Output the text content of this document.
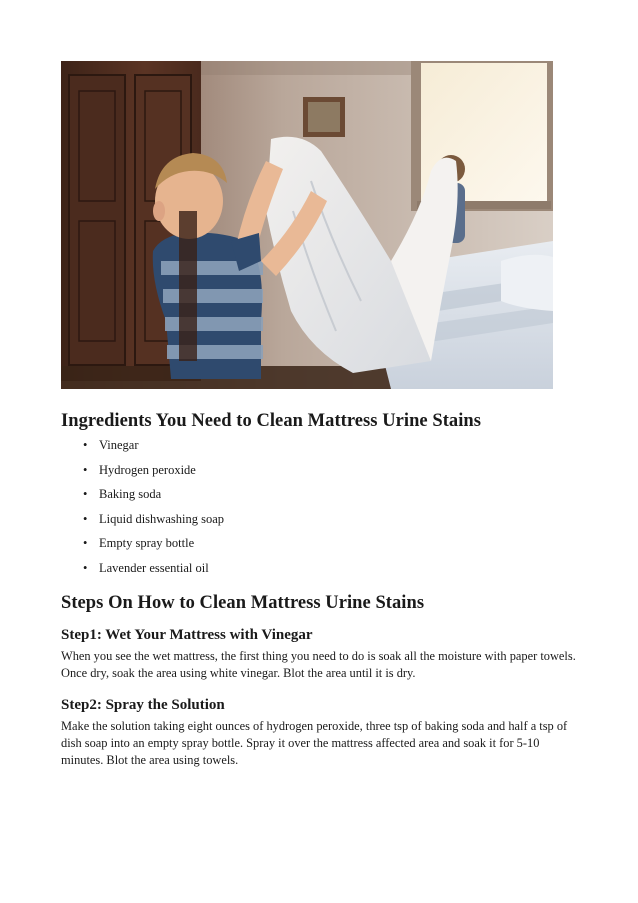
Ingredients You Need to Clean Mattress Urine Stains
• Vinegar
• Hydrogen peroxide
• Baking soda
• Liquid dishwashing soap
• Empty spray bottle
• Lavender essential oil
Steps On How to Clean Mattress Urine Stains
Step1: Wet Your Mattress with Vinegar

When you see the wet mattress, the first thing you need to do is soak all the moisture with paper towels. Once dry, soak the area using white vinegar. Blot the area until it is dry.

Step2: Spray the Solution

Make the solution taking eight ounces of hydrogen peroxide, three tsp of baking soda and half a tsp of dish soap into an empty spray bottle. Spray it over the mattress affected area and soak it for 5-10 minutes. Blot the area using towels.
